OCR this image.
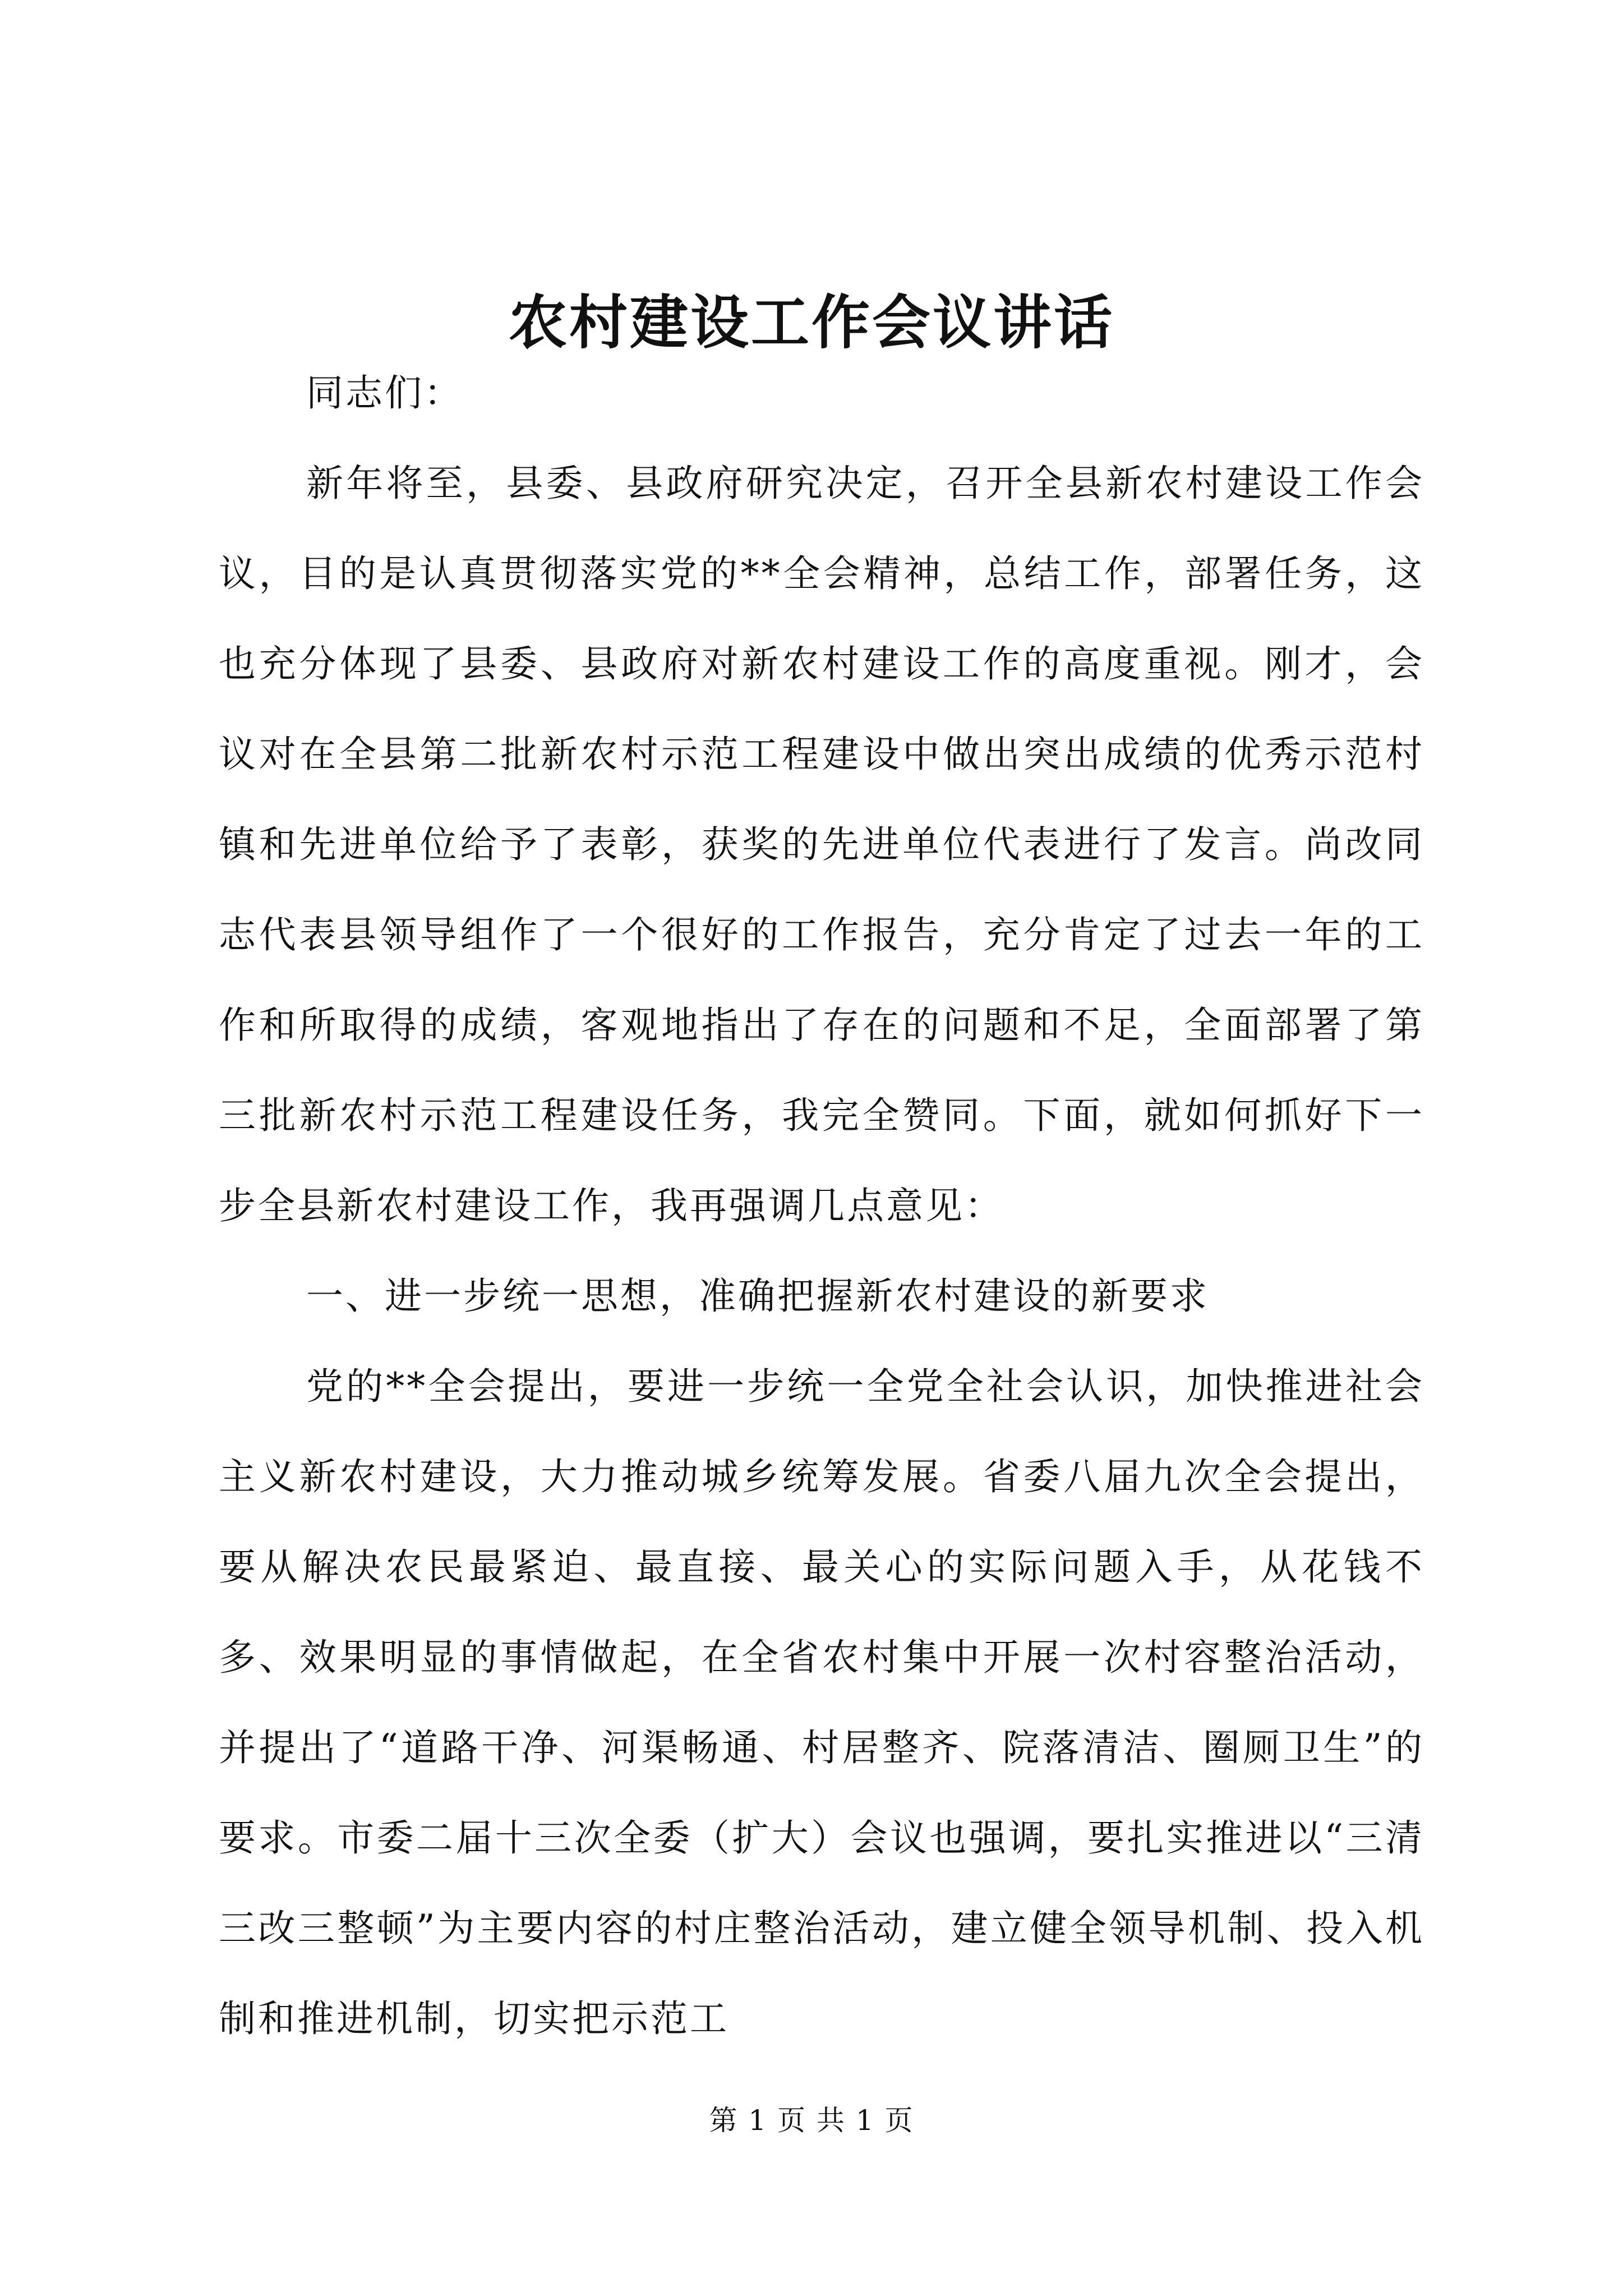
农村建设工作会议讲话

同志们：

新年将至，县委、县政府研究决定，召开全县新农村建设工作会议，目的是认真贯彻落实党的**全会精神，总结工作，部署任务，这也充分体现了县委、县政府对新农村建设工作的高度重视。刚才，会议对在全县第二批新农村示范工程建设中做出突出成绩的优秀示范村镇和先进单位给予了表彰，获奖的先进单位代表进行了发言。尚改同志代表县领导组作了一个很好的工作报告，充分肯定了过去一年的工作和所取得的成绩，客观地指出了存在的问题和不足，全面部署了第三批新农村示范工程建设任务，我完全赞同。下面，就如何抓好下一步全县新农村建设工作，我再强调几点意见：

一、进一步统一思想，准确把握新农村建设的新要求

党的**全会提出，要进一步统一全党全社会认识，加快推进社会主义新农村建设，大力推动城乡统筹发展。省委八届九次全会提出，要从解决农民最紧迫、最直接、最关心的实际问题入手，从花钱不多、效果明显的事情做起，在全省农村集中开展一次村容整治活动，并提出了“道路干净、河渠畅通、村居整齐、院落清洁、圈厕卫生”的要求。市委二届十三次全委（扩大）会议也强调，要扎实推进以“三清三改三整顿”为主要内容的村庄整治活动，建立健全领导机制、投入机制和推进机制，切实把示范工

第 1 页 共 1 页
